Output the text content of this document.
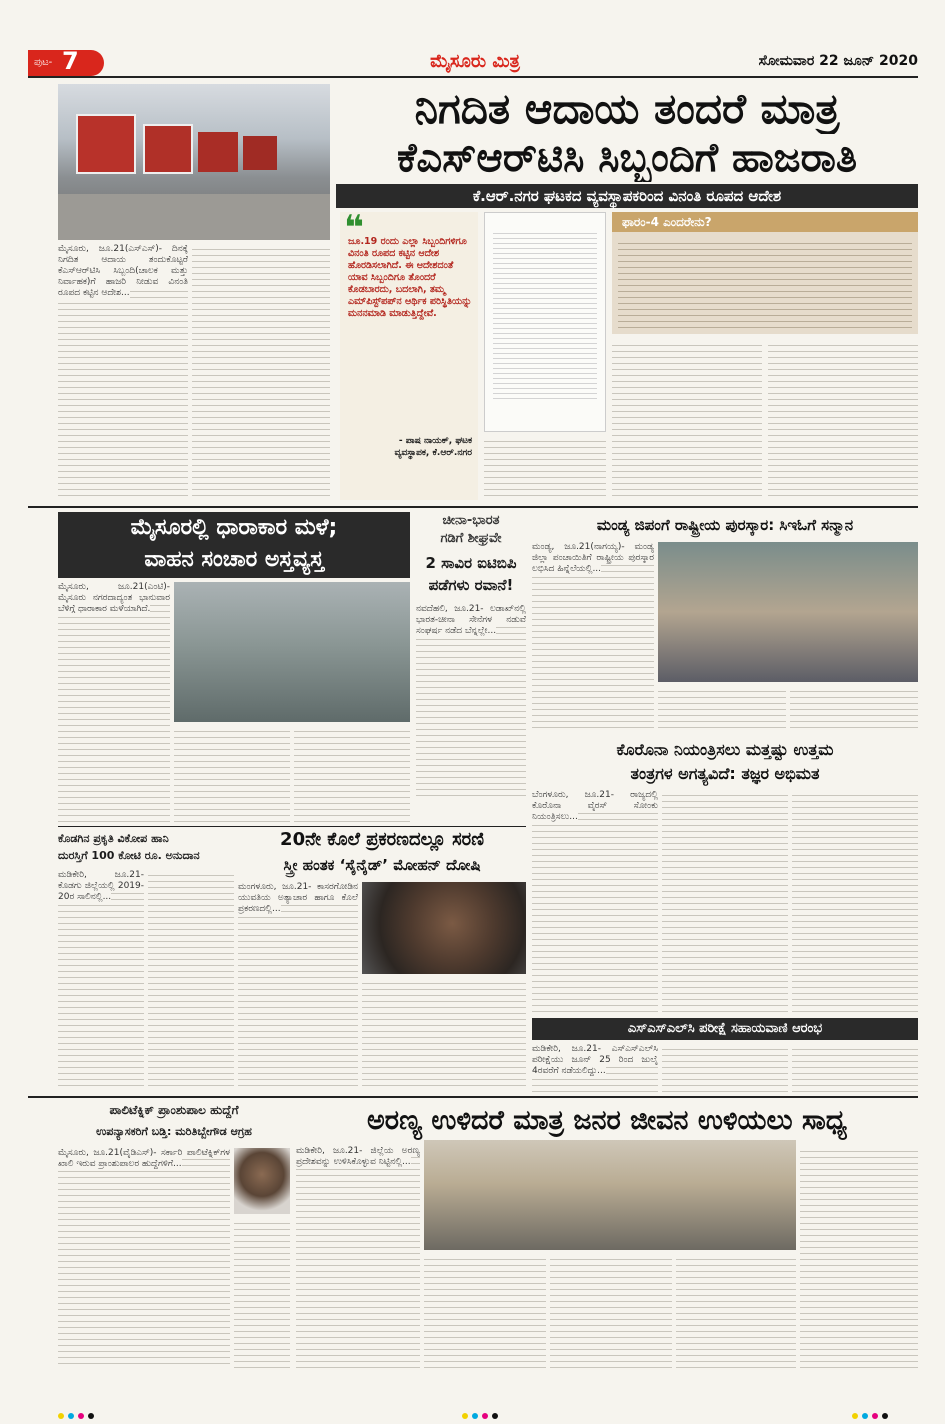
ಪುಟ- 7	ಮೈಸೂರು ಮಿತ್ರ	ಸೋಮವಾರ 22 ಜೂನ್ 2020
ನಿಗದಿತ ಆದಾಯ ತಂದರೆ ಮಾತ್ರ
ಕೆಎಸ್‌ಆರ್‌ಟಿಸಿ ಸಿಬ್ಬಂದಿಗೆ ಹಾಜರಾತಿ
ಕೆ.ಆರ್.ನಗರ ಘಟಕದ ವ್ಯವಸ್ಥಾಪಕರಿಂದ ವಿನಂತಿ ರೂಪದ ಆದೇಶ
ಮೈಸೂರು, ಜೂ.21(ಎಸ್‌ಎಸ್)- ದಿನಕ್ಕೆ ನಿಗದಿತ ಆದಾಯ ತಂದುಕೊಟ್ಟರೆ ಕೆಎಸ್‌ಆರ್‌ಟಿಸಿ ಸಿಬ್ಬಂದಿ(ಚಾಲಕ ಮತ್ತು ನಿರ್ವಾಹಕ)ಗೆ ಹಾಜರಿ ನೀಡುವ ವಿನಂತಿ ರೂಪದ ಕಟ್ಟಿನ ಆದೇಶ...
❝
ಜೂ.19 ರಂದು ಎಲ್ಲಾ ಸಿಬ್ಬಂದಿಗಳಿಗೂ ವಿನಂತಿ ರೂಪದ ಕಟ್ಟಿನ ಆದೇಶ ಹೊರಡಿಸಲಾಗಿದೆ. ಈ ಆದೇಶದಂತೆ ಯಾವ ಸಿಬ್ಬಂದಿಗೂ ತೊಂದರೆ ಕೊಡಬಾರದು, ಬದಲಾಗಿ, ತಮ್ಮ ಎಮ್‌ಪಿಸ್ಟ್‌ಪಪ್‌ನ ಆರ್ಥಿಕ ಪರಿಸ್ಥಿತಿಯನ್ನು ಮನನಮಾಡಿ ಮಾಡುತ್ತಿದ್ದೇವೆ.
- ಪಾಷ ನಾಯಕ್, ಘಟಕ
ವ್ಯವಸ್ಥಾಪಕ, ಕೆ.ಆರ್.ನಗರ
ಫಾರಂ-4 ಎಂದರೇನು?
ಮೈಸೂರಲ್ಲಿ ಧಾರಾಕಾರ ಮಳೆ;
ವಾಹನ ಸಂಚಾರ ಅಸ್ತವ್ಯಸ್ತ
ಮೈಸೂರು, ಜೂ.21(ಎಂಟಿ)- ಮೈಸೂರು ನಗರದಾದ್ಯಂತ ಭಾನುವಾರ ಬೆಳಿಗ್ಗೆ ಧಾರಾಕಾರ ಮಳೆಯಾಗಿದೆ.
ಚೀನಾ-ಭಾರತ
ಗಡಿಗೆ ಶೀಘ್ರವೇ
2 ಸಾವಿರ ಐಟಿಬಿಪಿ
ಪಡೆಗಳು ರವಾನೆ!
ನವದೆಹಲಿ, ಜೂ.21- ಲಡಾಖ್‌ನಲ್ಲಿ ಭಾರತ-ಚೀನಾ ಸೇನೆಗಳ ನಡುವೆ ಸಂಘರ್ಷ ನಡೆದ ಬೆನ್ನಲ್ಲೇ...
ಮಂಡ್ಯ ಜಿಪಂಗೆ ರಾಷ್ಟ್ರೀಯ ಪುರಸ್ಕಾರ: ಸಿಇಓಗೆ ಸನ್ಮಾನ
ಮಂಡ್ಯ, ಜೂ.21(ನಾಗಯ್ಯ)- ಮಂಡ್ಯ ಜಿಲ್ಲಾ ಪಂಚಾಯಿತಿಗೆ ರಾಷ್ಟ್ರೀಯ ಪುರಸ್ಕಾರ ಲಭಿಸಿದ ಹಿನ್ನೆಲೆಯಲ್ಲಿ...
ಕೊರೊನಾ ನಿಯಂತ್ರಿಸಲು ಮತ್ತಷ್ಟು ಉತ್ತಮ
ತಂತ್ರಗಳ ಅಗತ್ಯವಿದೆ: ತಜ್ಞರ ಅಭಿಮತ
ಬೆಂಗಳೂರು, ಜೂ.21- ರಾಜ್ಯದಲ್ಲಿ ಕೊರೊನಾ ವೈರಸ್ ಸೋಂಕು ನಿಯಂತ್ರಿಸಲು...
ಕೊಡಗಿನ ಪ್ರಕೃತಿ ವಿಕೋಪ ಹಾನಿ
ದುರಸ್ತಿಗೆ 100 ಕೋಟಿ ರೂ. ಅನುದಾನ
ಮಡಿಕೇರಿ, ಜೂ.21- ಕೊಡಗು ಜಿಲ್ಲೆಯಲ್ಲಿ 2019-20ರ ಸಾಲಿನಲ್ಲಿ...
20ನೇ ಕೊಲೆ ಪ್ರಕರಣದಲ್ಲೂ ಸರಣಿ
ಸ್ತ್ರೀ ಹಂತಕ ‘ಸೈನೈಡ್’ ಮೋಹನ್ ದೋಷಿ
ಮಂಗಳೂರು, ಜೂ.21- ಕಾಸರಗೋಡಿನ ಯುವತಿಯ ಅತ್ಯಾಚಾರ ಹಾಗೂ ಕೊಲೆ ಪ್ರಕರಣದಲ್ಲಿ...
ಎಸ್‌ಎಸ್‌ಎಲ್‌ಸಿ ಪರೀಕ್ಷೆ ಸಹಾಯವಾಣಿ ಆರಂಭ
ಮಡಿಕೇರಿ, ಜೂ.21- ಎಸ್‌ಎಸ್‌ಎಲ್‌ಸಿ ಪರೀಕ್ಷೆಯು ಜೂನ್ 25 ರಿಂದ ಜುಲೈ 4ರವರೆಗೆ ನಡೆಯಲಿದ್ದು...
ಪಾಲಿಟೆಕ್ನಿಕ್ ಪ್ರಾಂಶುಪಾಲ ಹುದ್ದೆಗೆ
ಉಪನ್ಯಾಸಕರಿಗೆ ಬಡ್ತಿ: ಮರಿತಿಬ್ಬೇಗೌಡ ಆಗ್ರಹ
ಮೈಸೂರು, ಜೂ.21(ವೈಡಿಎಸ್)- ಸರ್ಕಾರಿ ಪಾಲಿಟೆಕ್ನಿಕ್‌ಗಳ ಖಾಲಿ ಇರುವ ಪ್ರಾಂಶುಪಾಲರ ಹುದ್ದೆಗಳಿಗೆ...
ಅರಣ್ಯ ಉಳಿದರೆ ಮಾತ್ರ ಜನರ ಜೀವನ ಉಳಿಯಲು ಸಾಧ್ಯ
ಮಡಿಕೇರಿ, ಜೂ.21- ಜಿಲ್ಲೆಯ ಅರಣ್ಯ ಪ್ರದೇಶವನ್ನು ಉಳಿಸಿಕೊಳ್ಳುವ ನಿಟ್ಟಿನಲ್ಲಿ...
